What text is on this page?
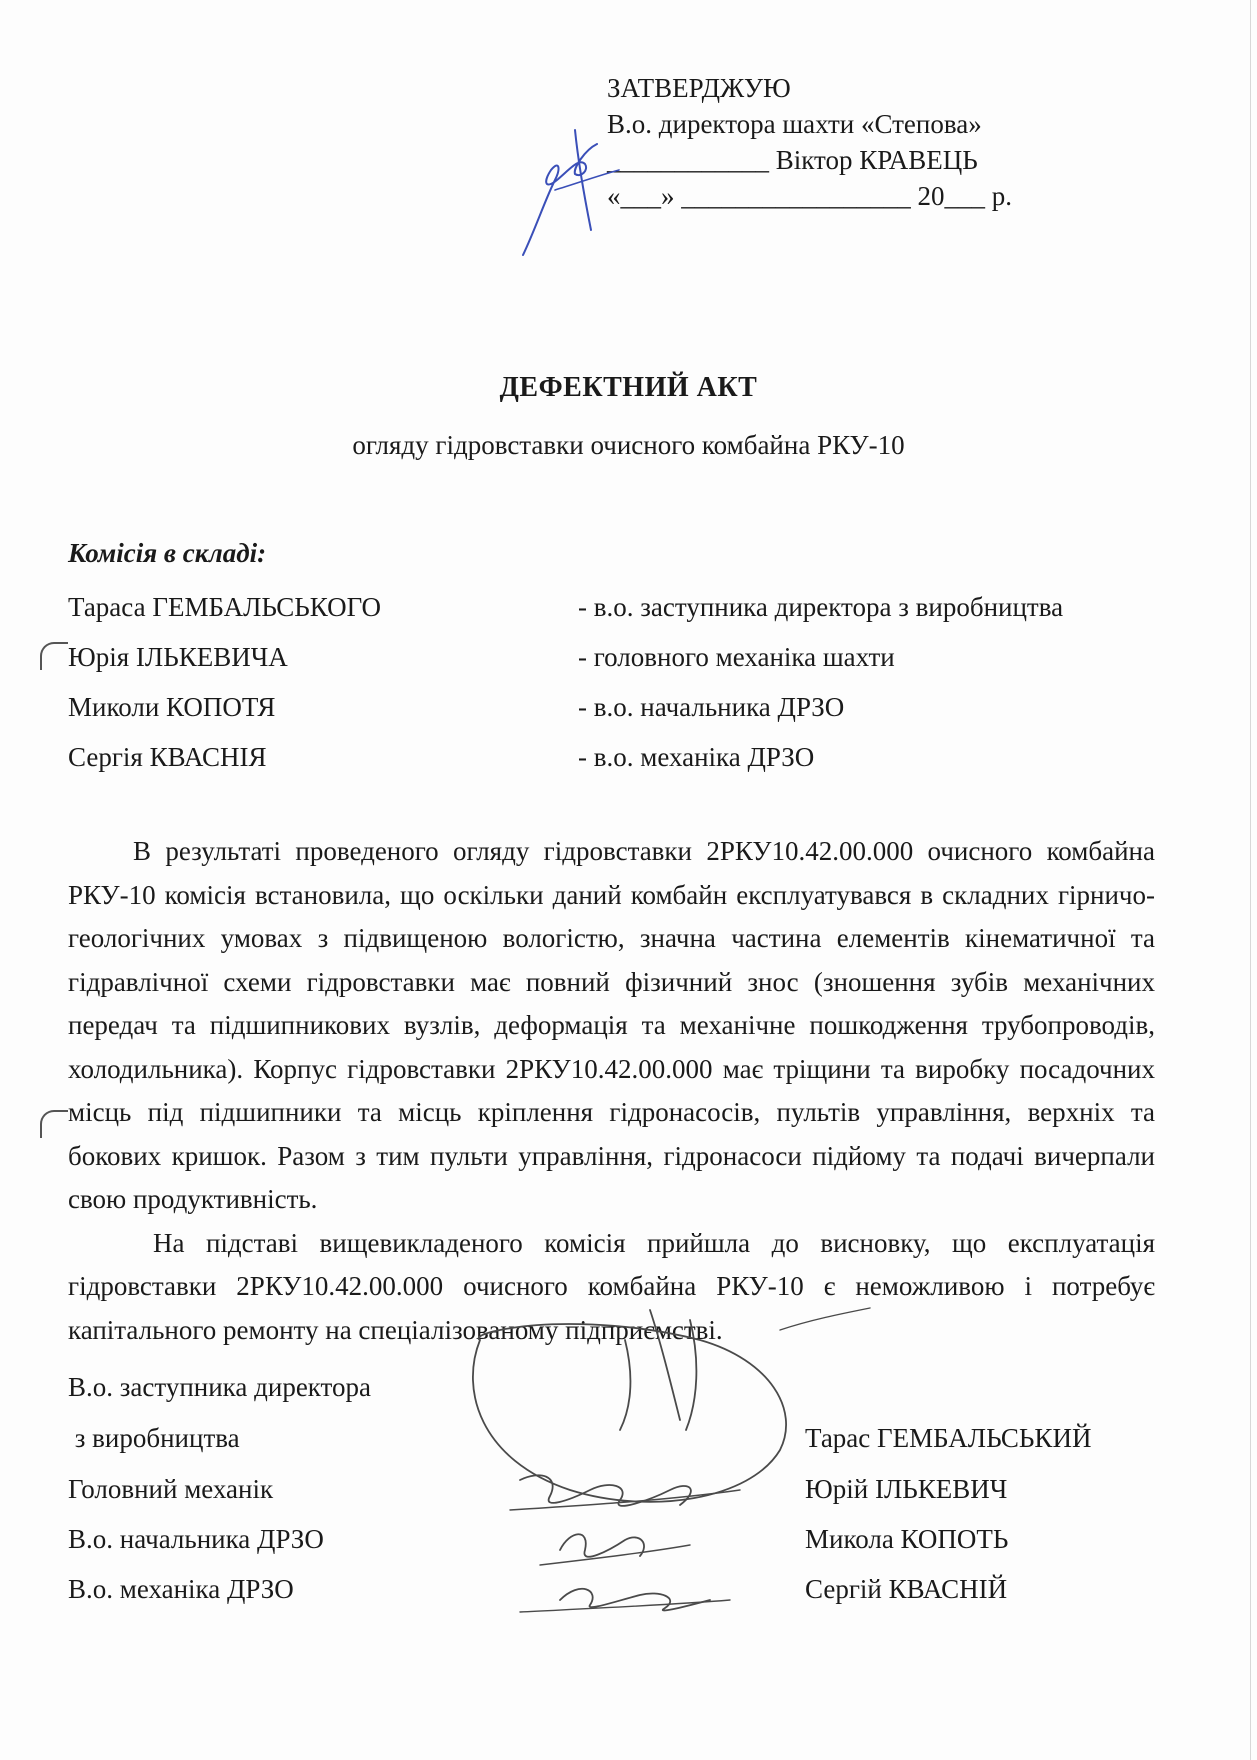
ЗАТВЕРДЖУЮ
В.о. директора шахти «Степова»
____________ Віктор КРАВЕЦЬ
«___» _________________ 20___ р.
ДЕФЕКТНИЙ АКТ
огляду гідровставки очисного комбайна РКУ-10
Комісія в складі:
Тараса ГЕМБАЛЬСЬКОГО	- в.о. заступника директора з виробництва
Юрія ІЛЬКЕВИЧА	- головного механіка шахти
Миколи КОПОТЯ	- в.о. начальника ДРЗО
Сергія КВАСНІЯ	- в.о. механіка ДРЗО

В результаті проведеного огляду гідровставки 2РКУ10.42.00.000 очисного комбайна РКУ-10 комісія встановила, що оскільки даний комбайн експлуатувався в складних гірничо-геологічних умовах з підвищеною вологістю, значна частина елементів кінематичної та гідравлічної схеми гідровставки має повний фізичний знос (зношення зубів механічних передач та підшипникових вузлів, деформація та механічне пошкодження трубопроводів, холодильника). Корпус гідровставки 2РКУ10.42.00.000 має тріщини та виробку посадочних місць під підшипники та місць кріплення гідронасосів, пультів управління, верхніх та бокових кришок. Разом з тим пульти управління, гідронасоси підйому та подачі вичерпали свою продуктивність.

На підставі вищевикладеного комісія прийшла до висновку, що експлуатація гідровставки 2РКУ10.42.00.000 очисного комбайна РКУ-10 є неможливою і потребує капітального ремонту на спеціалізованому підприємстві.

В.о. заступника директора
з виробництва	Тарас ГЕМБАЛЬСЬКИЙ
Головний механік	Юрій ІЛЬКЕВИЧ
В.о. начальника ДРЗО	Микола КОПОТЬ
В.о. механіка ДРЗО	Сергій КВАСНІЙ
